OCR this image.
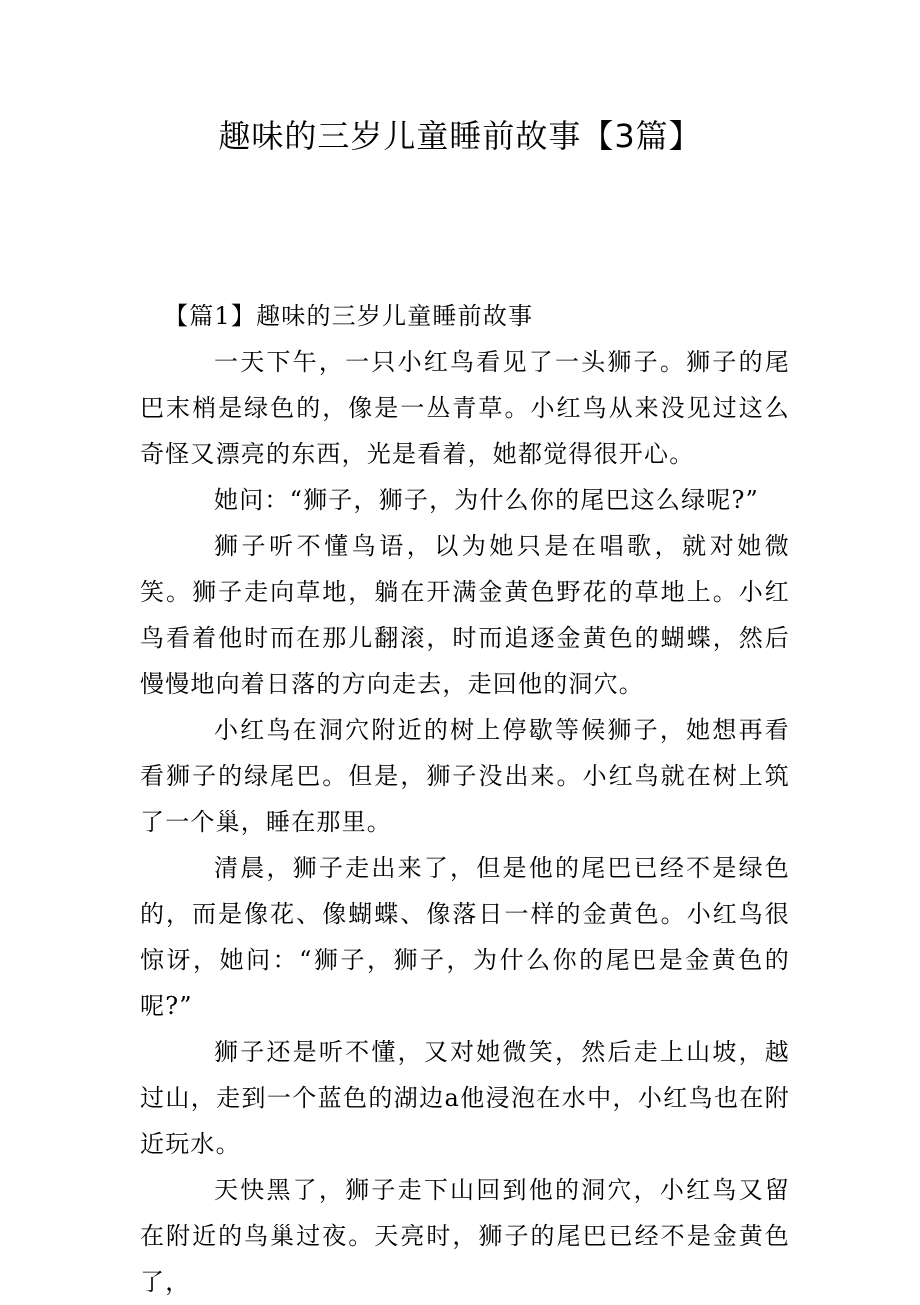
趣味的三岁儿童睡前故事【3篇】

【篇1】趣味的三岁儿童睡前故事

一天下午，一只小红鸟看见了一头狮子。狮子的尾巴末梢是绿色的，像是一丛青草。小红鸟从来没见过这么奇怪又漂亮的东西，光是看着，她都觉得很开心。

她问：“狮子，狮子，为什么你的尾巴这么绿呢?”

狮子听不懂鸟语，以为她只是在唱歌，就对她微笑。狮子走向草地，躺在开满金黄色野花的草地上。小红鸟看着他时而在那儿翻滚，时而追逐金黄色的蝴蝶，然后慢慢地向着日落的方向走去，走回他的洞穴。

小红鸟在洞穴附近的树上停歇等候狮子，她想再看看狮子的绿尾巴。但是，狮子没出来。小红鸟就在树上筑了一个巢，睡在那里。

清晨，狮子走出来了，但是他的尾巴已经不是绿色的，而是像花、像蝴蝶、像落日一样的金黄色。小红鸟很惊讶，她问：“狮子，狮子，为什么你的尾巴是金黄色的呢?”

狮子还是听不懂，又对她微笑，然后走上山坡，越过山，走到一个蓝色的湖边a他浸泡在水中，小红鸟也在附近玩水。

天快黑了，狮子走下山回到他的洞穴，小红鸟又留在附近的鸟巢过夜。天亮时，狮子的尾巴已经不是金黄色了，
